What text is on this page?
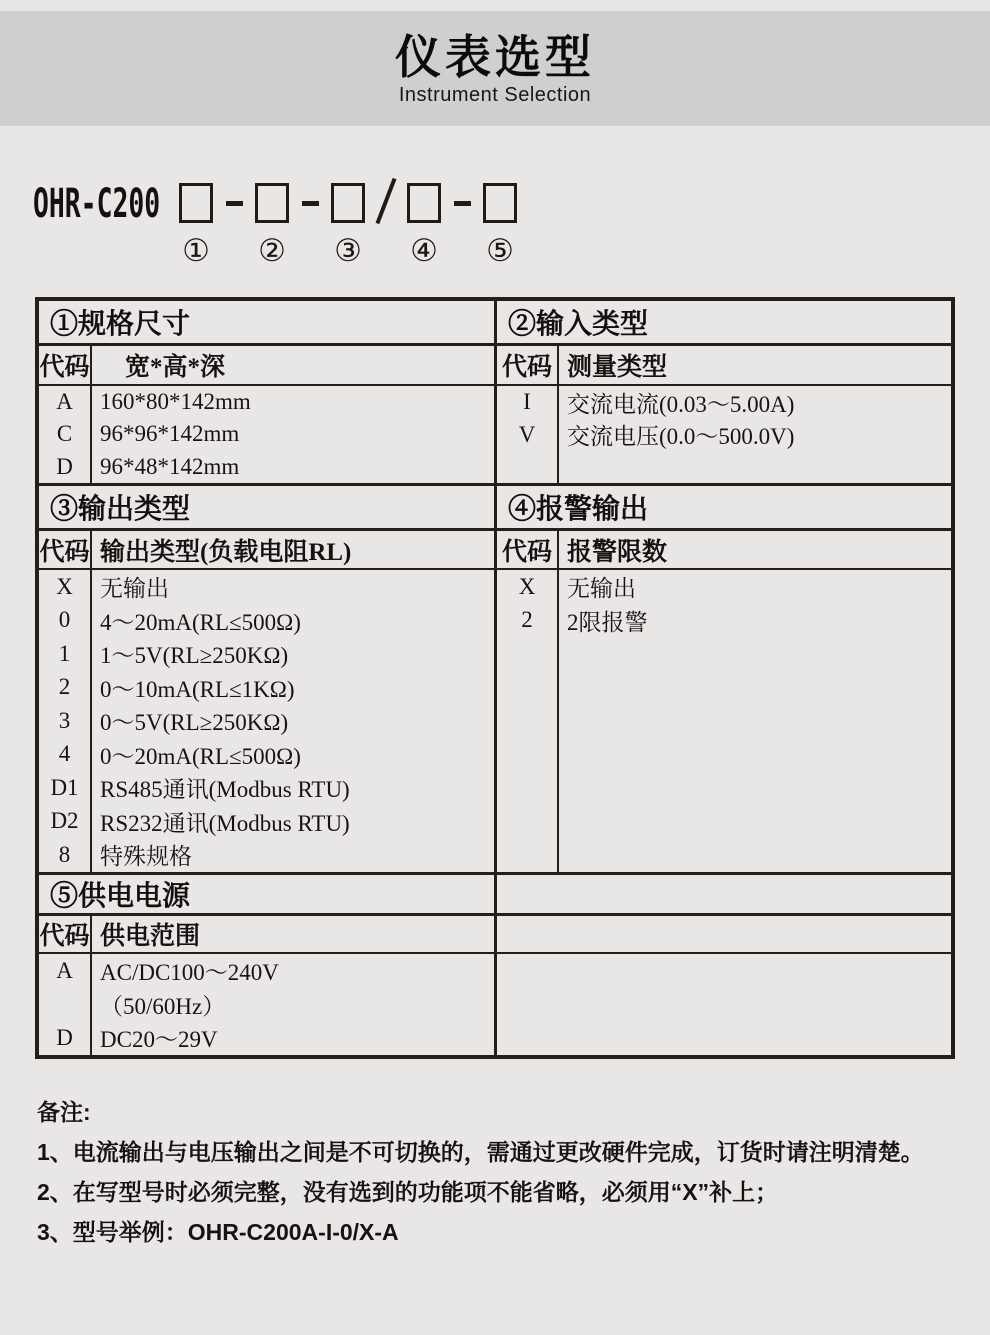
仪表选型
Instrument Selection
OHR-C200
① ② ③ ④ ⑤
①规格尺寸
代码
A
C
D
　宽*高*深
160*80*142mm
96*96*142mm
96*48*142mm
③输出类型
代码
X
0
1
2
3
4
D1
D2
8
输出类型(负载电阻RL)
无输出
4～20mA(RL≤500Ω)
1～5V(RL≥250KΩ)
0～10mA(RL≤1KΩ)
0～5V(RL≥250KΩ)
0～20mA(RL≤500Ω)
RS485通讯(Modbus RTU)
RS232通讯(Modbus RTU)
特殊规格
⑤供电电源
代码
A
D
供电范围
AC/DC100～240V
（50/60Hz）
DC20～29V
②输入类型
代码
I
V
测量类型
交流电流(0.03～5.00A)
交流电压(0.0～500.0V)
④报警输出
代码
X
2
报警限数
无输出
2限报警
备注:
1、电流输出与电压输出之间是不可切换的，需通过更改硬件完成，订货时请注明清楚。
2、在写型号时必须完整，没有选到的功能项不能省略，必须用“X”补上；
3、型号举例：OHR-C200A-I-0/X-A
